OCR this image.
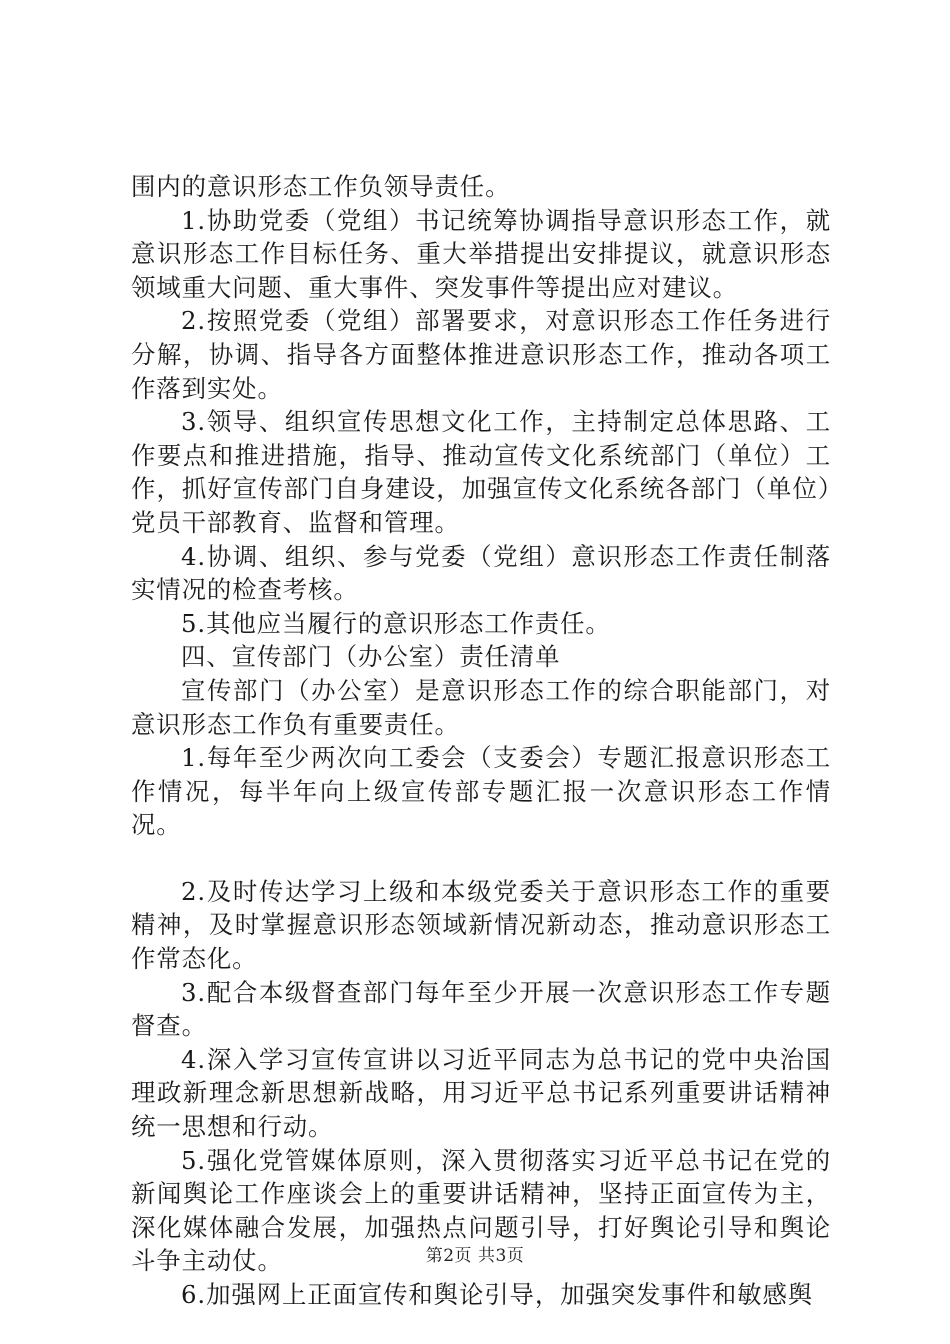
围内的意识形态工作负领导责任。

1.协助党委（党组）书记统筹协调指导意识形态工作，就意识形态工作目标任务、重大举措提出安排提议，就意识形态领域重大问题、重大事件、突发事件等提出应对建议。

2.按照党委（党组）部署要求，对意识形态工作任务进行分解，协调、指导各方面整体推进意识形态工作，推动各项工作落到实处。

3.领导、组织宣传思想文化工作，主持制定总体思路、工作要点和推进措施，指导、推动宣传文化系统部门（单位）工作，抓好宣传部门自身建设，加强宣传文化系统各部门（单位）党员干部教育、监督和管理。

4.协调、组织、参与党委（党组）意识形态工作责任制落实情况的检查考核。

5.其他应当履行的意识形态工作责任。

四、宣传部门（办公室）责任清单

宣传部门（办公室）是意识形态工作的综合职能部门，对意识形态工作负有重要责任。

1.每年至少两次向工委会（支委会）专题汇报意识形态工作情况，每半年向上级宣传部专题汇报一次意识形态工作情况。

2.及时传达学习上级和本级党委关于意识形态工作的重要精神，及时掌握意识形态领域新情况新动态，推动意识形态工作常态化。

3.配合本级督查部门每年至少开展一次意识形态工作专题督查。

4.深入学习宣传宣讲以习近平同志为总书记的党中央治国理政新理念新思想新战略，用习近平总书记系列重要讲话精神统一思想和行动。

5.强化党管媒体原则，深入贯彻落实习近平总书记在党的新闻舆论工作座谈会上的重要讲话精神，坚持正面宣传为主，深化媒体融合发展，加强热点问题引导，打好舆论引导和舆论斗争主动仗。

6.加强网上正面宣传和舆论引导，加强突发事件和敏感舆

第2页 共3页
